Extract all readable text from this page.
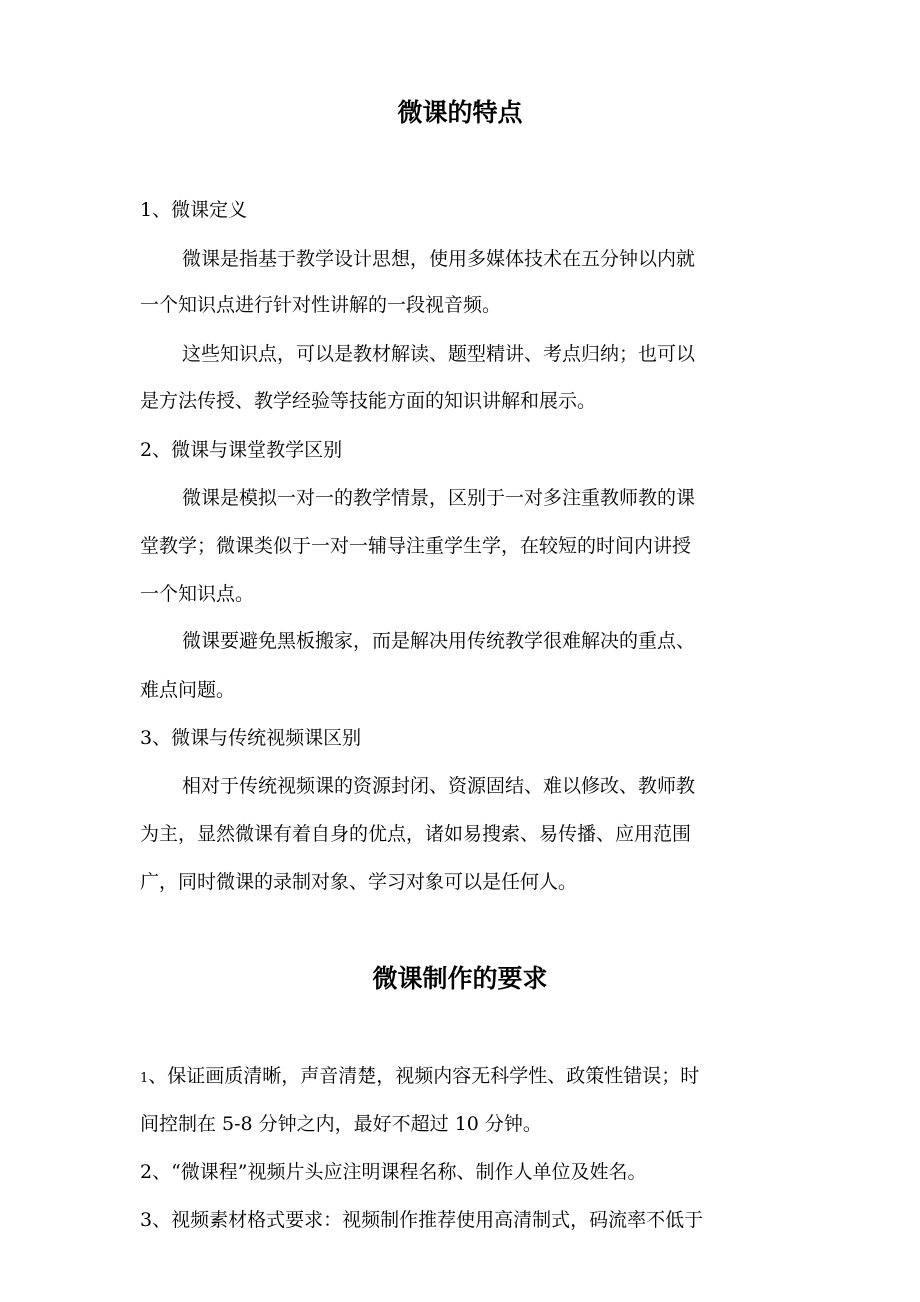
微课的特点

1、微课定义

微课是指基于教学设计思想，使用多媒体技术在五分钟以内就

一个知识点进行针对性讲解的一段视音频。

这些知识点，可以是教材解读、题型精讲、考点归纳；也可以

是方法传授、教学经验等技能方面的知识讲解和展示。

2、微课与课堂教学区别

微课是模拟一对一的教学情景，区别于一对多注重教师教的课

堂教学；微课类似于一对一辅导注重学生学，在较短的时间内讲授

一个知识点。

微课要避免黑板搬家，而是解决用传统教学很难解决的重点、

难点问题。

3、微课与传统视频课区别

相对于传统视频课的资源封闭、资源固结、难以修改、教师教

为主，显然微课有着自身的优点，诸如易搜索、易传播、应用范围

广，同时微课的录制对象、学习对象可以是任何人。

微课制作的要求

1、保证画质清晰，声音清楚，视频内容无科学性、政策性错误；时

间控制在 5-8 分钟之内，最好不超过 10 分钟。

2、“微课程”视频片头应注明课程名称、制作人单位及姓名。

3、视频素材格式要求：视频制作推荐使用高清制式，码流率不低于
